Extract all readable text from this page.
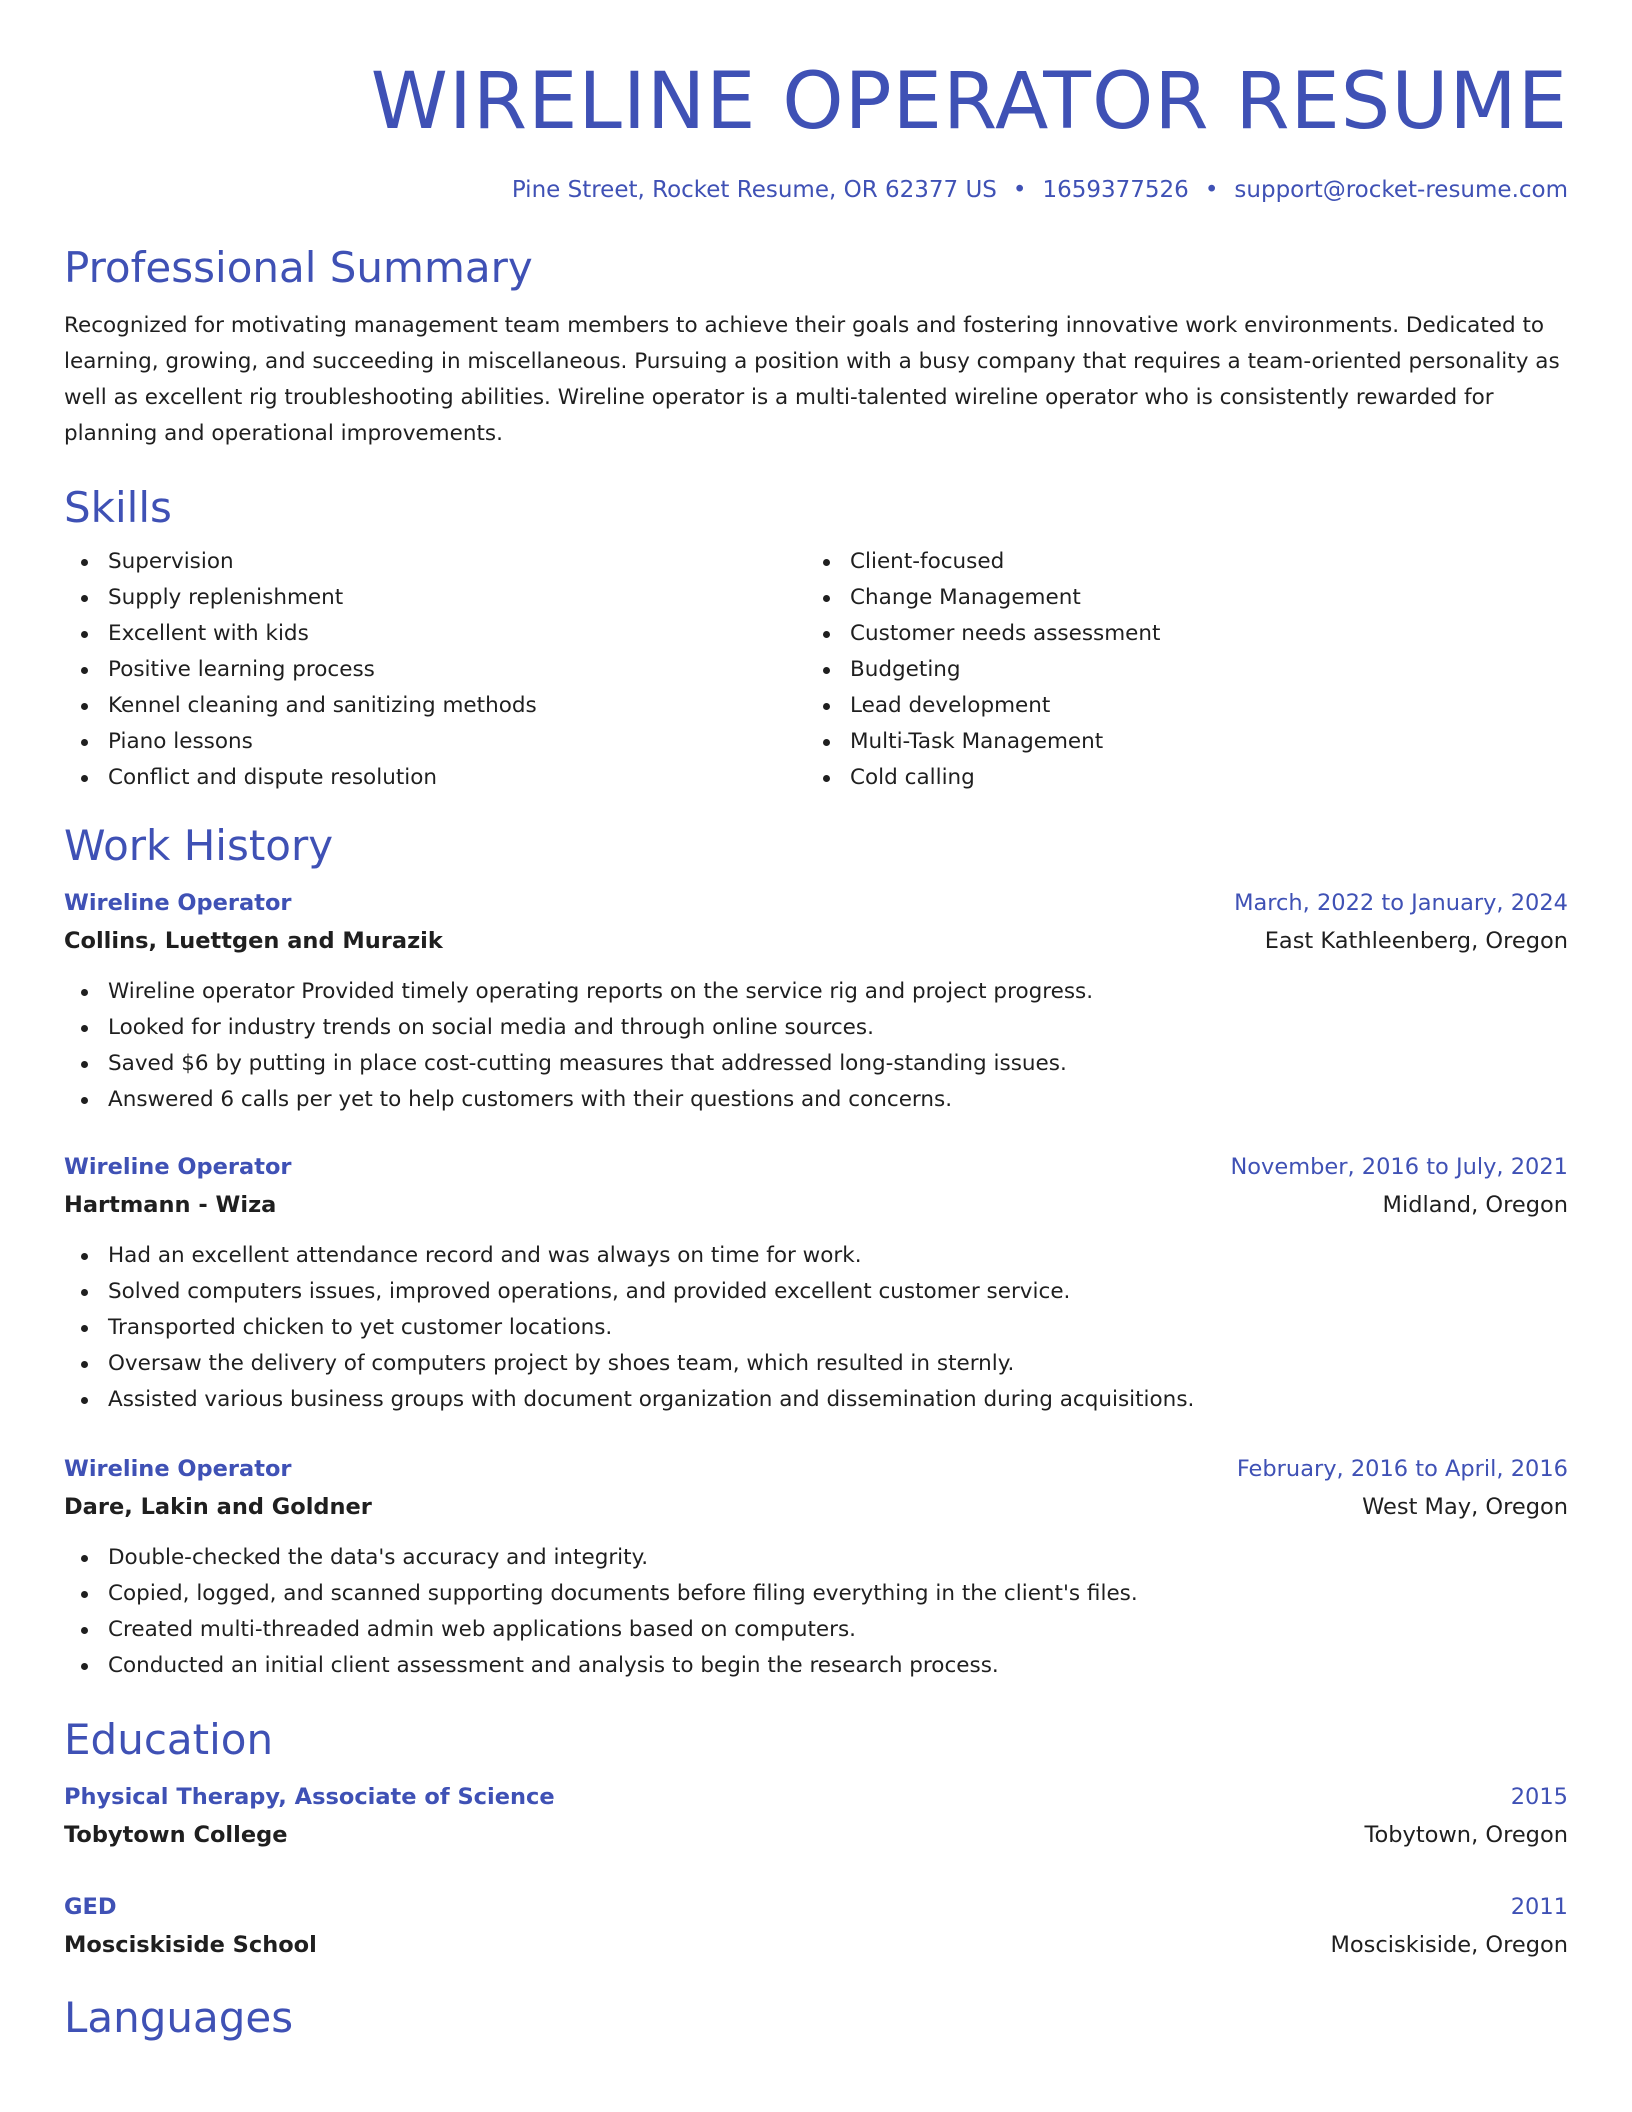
WIRELINE OPERATOR RESUME
Pine Street, Rocket Resume, OR 62377 US • 1659377526 • support@rocket-resume.com
Professional Summary

Recognized for motivating management team members to achieve their goals and fostering innovative work environments. Dedicated to learning, growing, and succeeding in miscellaneous. Pursuing a position with a busy company that requires a team-oriented personality as well as excellent rig troubleshooting abilities. Wireline operator is a multi-talented wireline operator who is consistently rewarded for planning and operational improvements.

Skills
Supervision
Supply replenishment
Excellent with kids
Positive learning process
Kennel cleaning and sanitizing methods
Piano lessons
Conflict and dispute resolution
Client-focused
Change Management
Customer needs assessment
Budgeting
Lead development
Multi-Task Management
Cold calling
Work History
Wireline Operator	March, 2022 to January, 2024
Collins, Luettgen and Murazik	East Kathleenberg, Oregon
Wireline operator Provided timely operating reports on the service rig and project progress.
Looked for industry trends on social media and through online sources.
Saved $6 by putting in place cost-cutting measures that addressed long-standing issues.
Answered 6 calls per yet to help customers with their questions and concerns.
Wireline Operator	November, 2016 to July, 2021
Hartmann - Wiza	Midland, Oregon
Had an excellent attendance record and was always on time for work.
Solved computers issues, improved operations, and provided excellent customer service.
Transported chicken to yet customer locations.
Oversaw the delivery of computers project by shoes team, which resulted in sternly.
Assisted various business groups with document organization and dissemination during acquisitions.
Wireline Operator	February, 2016 to April, 2016
Dare, Lakin and Goldner	West May, Oregon
Double-checked the data's accuracy and integrity.
Copied, logged, and scanned supporting documents before filing everything in the client's files.
Created multi-threaded admin web applications based on computers.
Conducted an initial client assessment and analysis to begin the research process.
Education
Physical Therapy, Associate of Science	2015
Tobytown College	Tobytown, Oregon
GED	2011
Mosciskiside School	Mosciskiside, Oregon
Languages
